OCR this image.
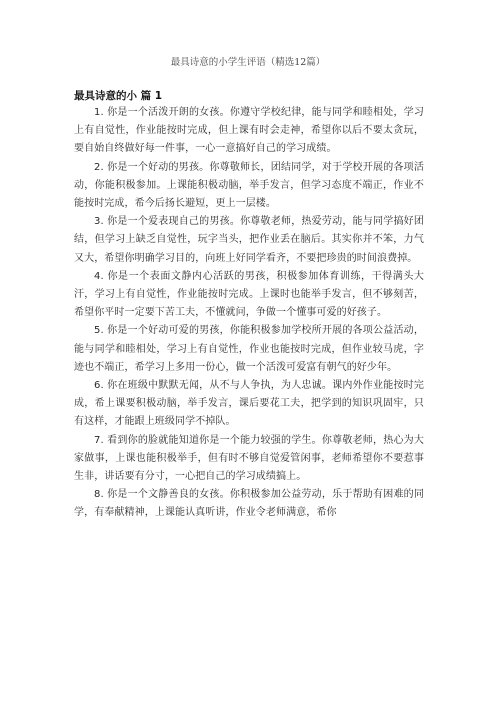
最具诗意的小学生评语（精选12篇）
最具诗意的小 篇 1

1. 你是一个活泼开朗的女孩。你遵守学校纪律，能与同学和睦相处，学习上有自觉性，作业能按时完成，但上课有时会走神，希望你以后不要太贪玩，要自始自终做好每一件事，一心一意搞好自己的学习成绩。

2. 你是一个好动的男孩。你尊敬师长，团结同学，对于学校开展的各项活动，你能积极参加。上课能积极动脑，举手发言，但学习态度不端正，作业不能按时完成，希今后扬长避短，更上一层楼。

3. 你是一个爱表现自己的男孩。你尊敬老师，热爱劳动，能与同学搞好团结，但学习上缺乏自觉性，玩字当头，把作业丢在脑后。其实你并不笨，力气又大，希望你明确学习目的，向班上好同学看齐，不要把珍贵的时间浪费掉。

4. 你是一个表面文静内心活跃的男孩，积极参加体育训练，干得满头大汗，学习上有自觉性，作业能按时完成。上课时也能举手发言，但不够刻苦，希望你平时一定要下苦工夫，不懂就问，争做一个懂事可爱的好孩子。

5. 你是一个好动可爱的男孩，你能积极参加学校所开展的各项公益活动，能与同学和睦相处，学习上有自觉性，作业也能按时完成，但作业较马虎，字迹也不端正，希学习上多用一份心，做一个活泼可爱富有朝气的好少年。

6. 你在班级中默默无闻，从不与人争执，为人忠诚。课内外作业能按时完成，希上课要积极动脑，举手发言，课后要花工夫，把学到的知识巩固牢，只有这样，才能跟上班级同学不掉队。

7. 看到你的脸就能知道你是一个能力较强的学生。你尊敬老师，热心为大家做事，上课也能积极举手，但有时不够自觉爱管闲事，老师希望你不要惹事生非，讲话要有分寸，一心把自己的学习成绩搞上。

8. 你是一个文静善良的女孩。你积极参加公益劳动，乐于帮助有困难的同学，有奉献精神，上课能认真听讲，作业令老师满意，希你
